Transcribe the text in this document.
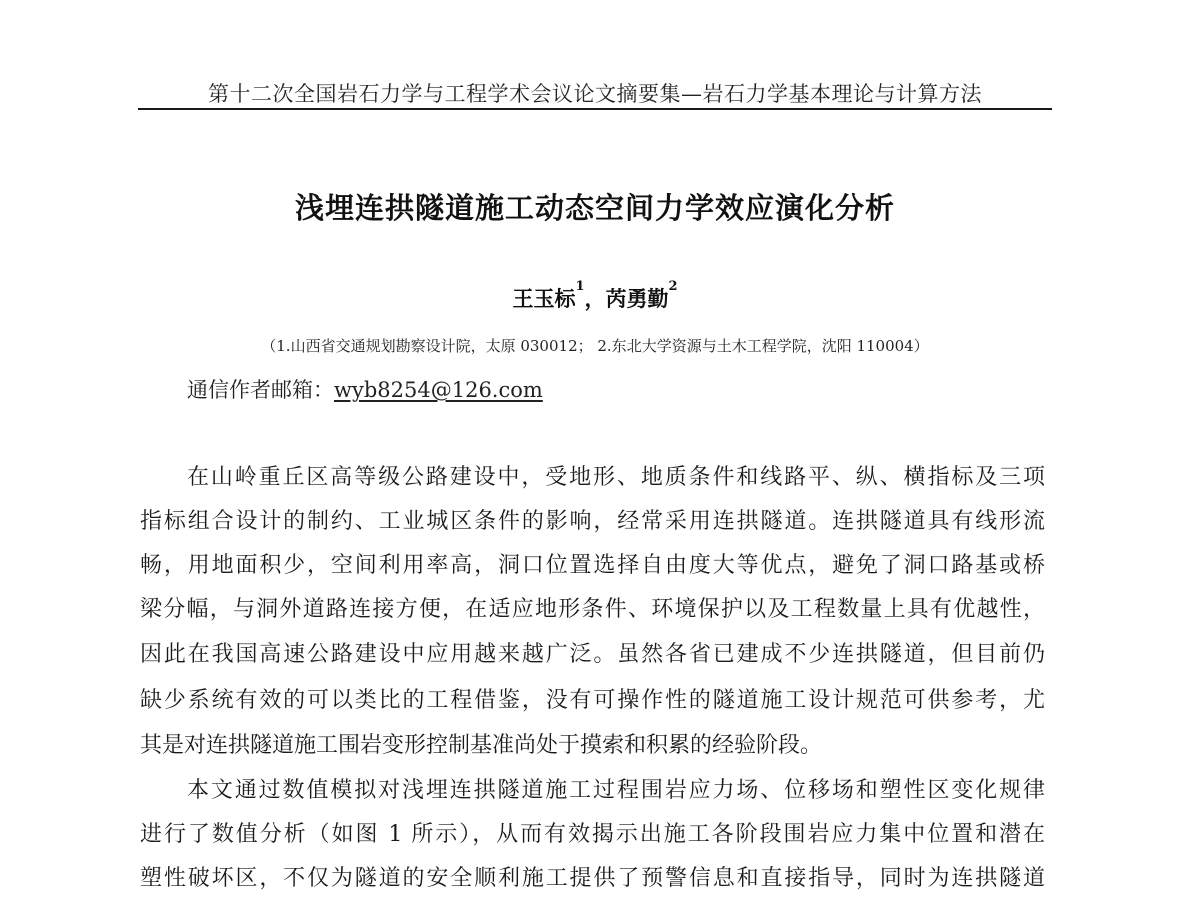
第十二次全国岩石力学与工程学术会议论文摘要集—岩石力学基本理论与计算方法
浅埋连拱隧道施工动态空间力学效应演化分析
王玉标$^1$，芮勇勤$^2$
（1.山西省交通规划勘察设计院，太原 030012； 2.东北大学资源与土木工程学院，沈阳 110004）
通信作者邮箱：wyb8254@126.com
在山岭重丘区高等级公路建设中，受地形、地质条件和线路平、纵、横指标及三项
指标组合设计的制约、工业城区条件的影响，经常采用连拱隧道。连拱隧道具有线形流
畅，用地面积少，空间利用率高，洞口位置选择自由度大等优点，避免了洞口路基或桥
梁分幅，与洞外道路连接方便，在适应地形条件、环境保护以及工程数量上具有优越性，
因此在我国高速公路建设中应用越来越广泛。虽然各省已建成不少连拱隧道，但目前仍
缺少系统有效的可以类比的工程借鉴，没有可操作性的隧道施工设计规范可供参考，尤
其是对连拱隧道施工围岩变形控制基准尚处于摸索和积累的经验阶段。
本文通过数值模拟对浅埋连拱隧道施工过程围岩应力场、位移场和塑性区变化规律
进行了数值分析（如图 1 所示），从而有效揭示出施工各阶段围岩应力集中位置和潜在
塑性破坏区，不仅为隧道的安全顺利施工提供了预警信息和直接指导，同时为连拱隧道
